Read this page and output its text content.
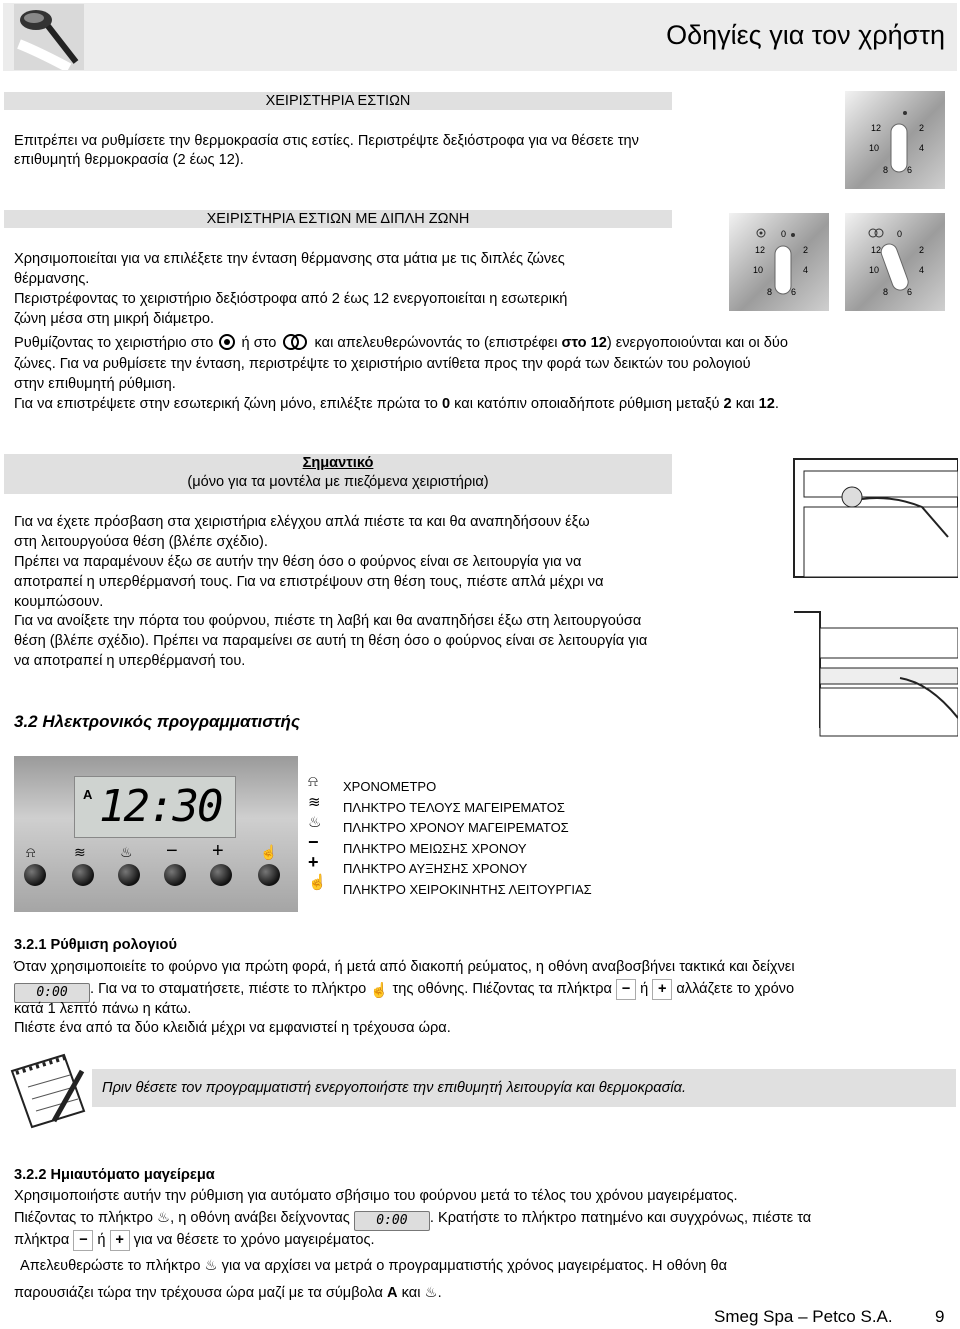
Οδηγίες για τον χρήστη
ΧΕΙΡΙΣΤΗΡΙΑ ΕΣΤΙΩΝ
Επιτρέπει να ρυθμίσετε την θερμοκρασία στις εστίες. Περιστρέψτε δεξιόστροφα για να θέσετε την
επιθυμητή θερμοκρασία (2 έως 12).
12
10
8 6
4
2
0
12
10
8 6
4
2
0
12
10
8 6
4
2
ΧΕΙΡΙΣΤΗΡΙΑ ΕΣΤΙΩΝ ΜΕ ΔΙΠΛΗ ΖΩΝΗ
Χρησιμοποιείται για να επιλέξετε την ένταση θέρμανσης στα μάτια με τις διπλές ζώνες
θέρμανσης.
Περιστρέφοντας το χειριστήριο δεξιόστροφα από 2 έως 12 ενεργοποιείται η εσωτερική
ζώνη μέσα στη μικρή διάμετρο.
Ρυθμίζοντας το χειριστήριο στο ή στο	και απελευθερώνοντάς το (επιστρέφει στο 12) ενεργοποιούνται και οι δύο
ζώνες. Για να ρυθμίσετε την ένταση, περιστρέψτε το χειριστήριο αντίθετα προς την φορά των δεικτών του ρολογιού
στην επιθυμητή ρύθμιση.
Για να επιστρέψετε στην εσωτερική ζώνη μόνο, επιλέξτε πρώτα το 0 και κατόπιν οποιαδήποτε ρύθμιση μεταξύ 2 και 12.
Σημαντικό
(μόνο για τα μοντέλα με πιεζόμενα χειριστήρια)
Για να έχετε πρόσβαση στα χειριστήρια ελέγχου απλά πιέστε τα και θα αναπηδήσουν έξω
στη λειτουργούσα θέση (βλέπε σχέδιο).
Πρέπει να παραμένουν έξω σε αυτήν την θέση όσο ο φούρνος είναι σε λειτουργία για να
αποτραπεί η υπερθέρμανσή τους. Για να επιστρέψουν στη θέση τους, πιέστε απλά μέχρι να
κουμπώσουν.
Για να ανοίξετε την πόρτα του φούρνου, πιέστε τη λαβή και θα αναπηδήσει έξω στη λειτουργούσα
θέση (βλέπε σχέδιο). Πρέπει να παραμείνει σε αυτή τη θέση όσο ο φούρνος είναι σε λειτουργία για
να αποτραπεί η υπερθέρμανσή του.
3.2 Ηλεκτρονικός προγραμματιστής
A 12:30
⍾	≋ ♨ − +	☝
⍾
≋
♨
−
+
☝
ΧΡΟΝΟΜΕΤΡΟ
ΠΛΗΚΤΡΟ ΤΕΛΟΥΣ ΜΑΓΕΙΡΕΜΑΤΟΣ
ΠΛΗΚΤΡΟ ΧΡΟΝΟΥ ΜΑΓΕΙΡΕΜΑΤΟΣ
ΠΛΗΚΤΡΟ ΜΕΙΩΣΗΣ ΧΡΟΝΟΥ
ΠΛΗΚΤΡΟ ΑΥΞΗΣΗΣ ΧΡΟΝΟΥ
ΠΛΗΚΤΡΟ ΧΕΙΡΟΚΙΝΗΤΗΣ ΛΕΙΤΟΥΡΓΙΑΣ
3.2.1 Ρύθμιση ρολογιού
Όταν χρησιμοποιείτε το φούρνο για πρώτη φορά, ή μετά από διακοπή ρεύματος, η οθόνη αναβοσβήνει τακτικά και δείχνει
0:00 . Για να το σταματήσετε, πιέστε το πλήκτρο ☝ της οθόνης. Πιέζοντας τα πλήκτρα − ή + αλλάζετε το χρόνο
κατά 1 λεπτό πάνω η κάτω.
Πιέστε ένα από τα δύο κλειδιά μέχρι να εμφανιστεί η τρέχουσα ώρα.
Πριν θέσετε τον προγραμματιστή ενεργοποιήστε την επιθυμητή λειτουργία και θερμοκρασία.
3.2.2 Ημιαυτόματο μαγείρεμα
Χρησιμοποιήστε αυτήν την ρύθμιση για αυτόματο σβήσιμο του φούρνου μετά το τέλος του χρόνου μαγειρέματος.
Πιέζοντας το πλήκτρο ♨, η οθόνη ανάβει δείχνοντας 0:00 . Κρατήστε το πλήκτρο πατημένο και συγχρόνως, πιέστε τα
πλήκτρα − ή + για να θέσετε το χρόνο μαγειρέματος.
Απελευθερώστε το πλήκτρο ♨ για να αρχίσει να μετρά ο προγραμματιστής χρόνος μαγειρέματος. Η οθόνη θα
παρουσιάζει τώρα την τρέχουσα ώρα μαζί με τα σύμβολα A και ♨.
Smeg Spa – Petco S.A. 9
